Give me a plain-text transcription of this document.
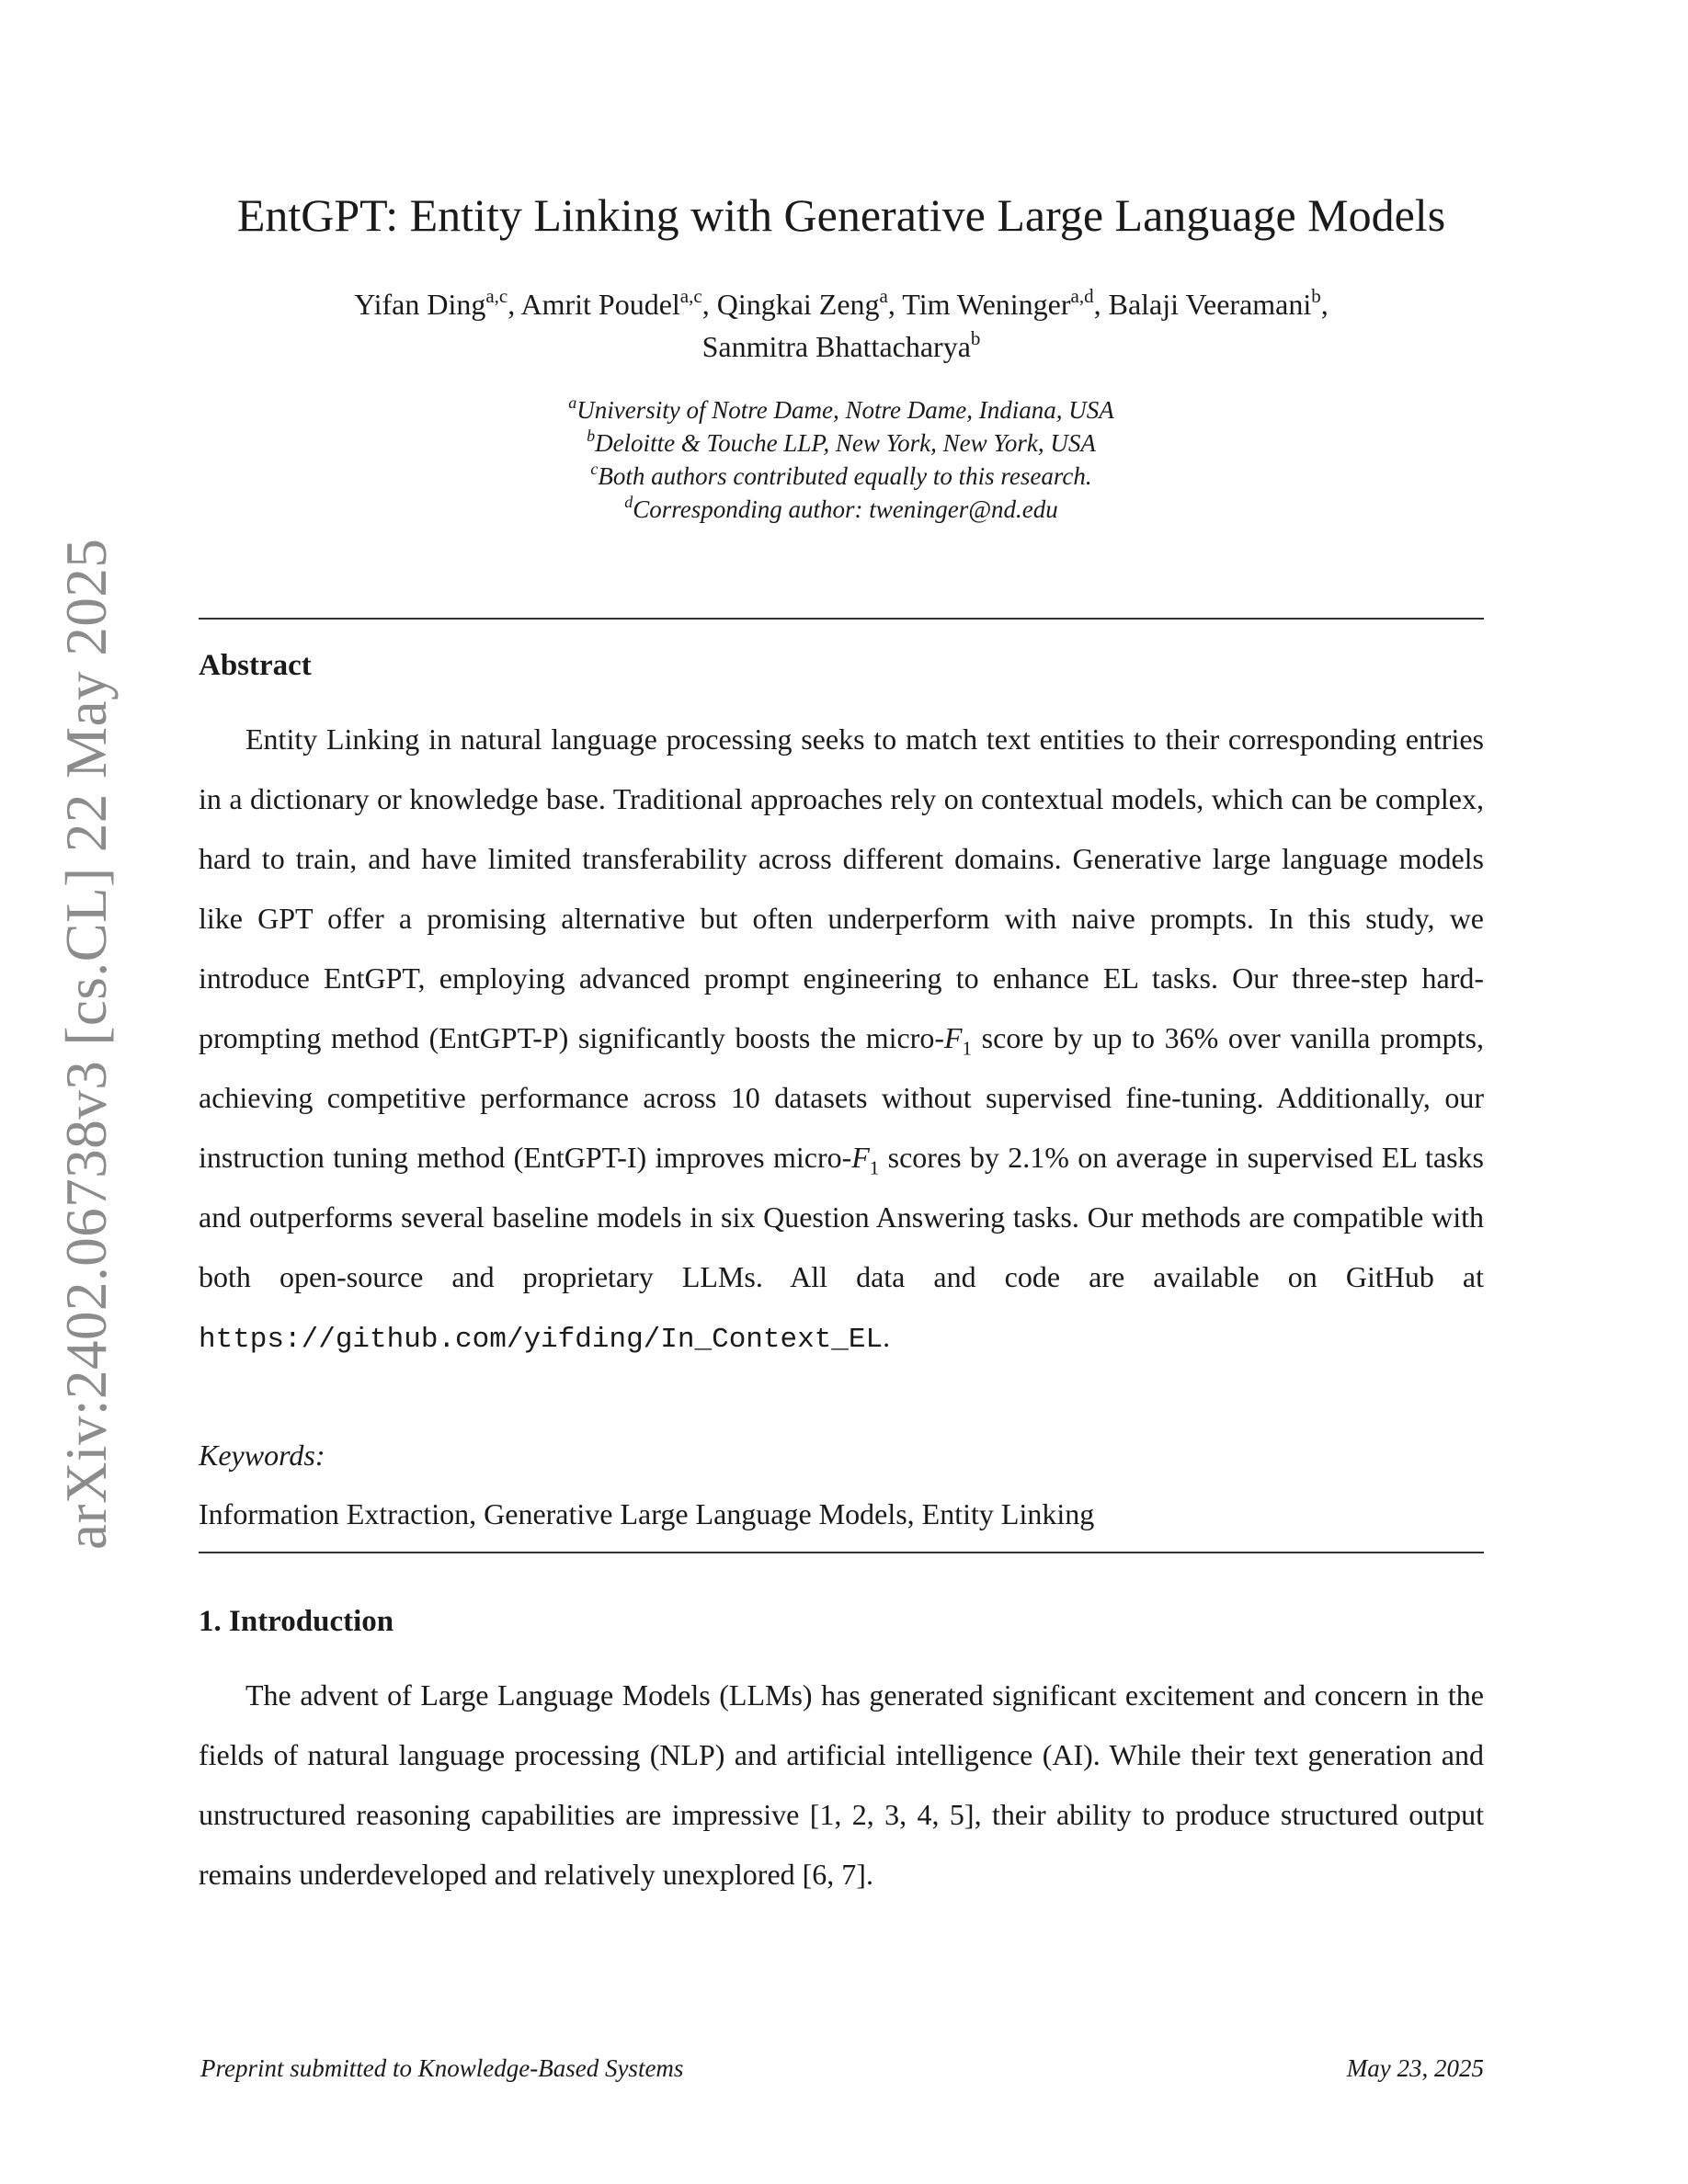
arXiv:2402.06738v3 [cs.CL] 22 May 2025
EntGPT: Entity Linking with Generative Large Language Models
Yifan Ding$^{a,c}$, Amrit Poudel$^{a,c}$, Qingkai Zeng$^a$, Tim Weninger$^{a,d}$, Balaji Veeramani$^b$,
Sanmitra Bhattacharya$^b$
$^a$University of Notre Dame, Notre Dame, Indiana, USA
$^b$Deloitte & Touche LLP, New York, New York, USA
$^c$Both authors contributed equally to this research.
$^d$Corresponding author: tweninger@nd.edu
Abstract

Entity Linking in natural language processing seeks to match text entities to their corresponding entries in a dictionary or knowledge base. Traditional approaches rely on contextual models, which can be complex, hard to train, and have limited transferability across different domains. Generative large language models like GPT offer a promising alternative but often underperform with naive prompts. In this study, we introduce EntGPT, employing advanced prompt engineering to enhance EL tasks. Our three-step hard-prompting method (EntGPT-P) significantly boosts the micro-$F_1$ score by up to 36% over vanilla prompts, achieving competitive performance across 10 datasets without supervised fine-tuning. Additionally, our instruction tuning method (EntGPT-I) improves micro-$F_1$ scores by 2.1% on average in supervised EL tasks and outperforms several baseline models in six Question Answering tasks. Our methods are compatible with both open-source and proprietary LLMs. All data and code are available on GitHub at https://github.com/yifding/In_Context_EL.

Keywords:
Information Extraction, Generative Large Language Models, Entity Linking
1. Introduction

The advent of Large Language Models (LLMs) has generated significant excitement and concern in the fields of natural language processing (NLP) and artificial intelligence (AI). While their text generation and unstructured reasoning capabilities are impressive [1, 2, 3, 4, 5], their ability to produce structured output remains underdeveloped and relatively unexplored [6, 7].

Preprint submitted to Knowledge-Based Systems	May 23, 2025
